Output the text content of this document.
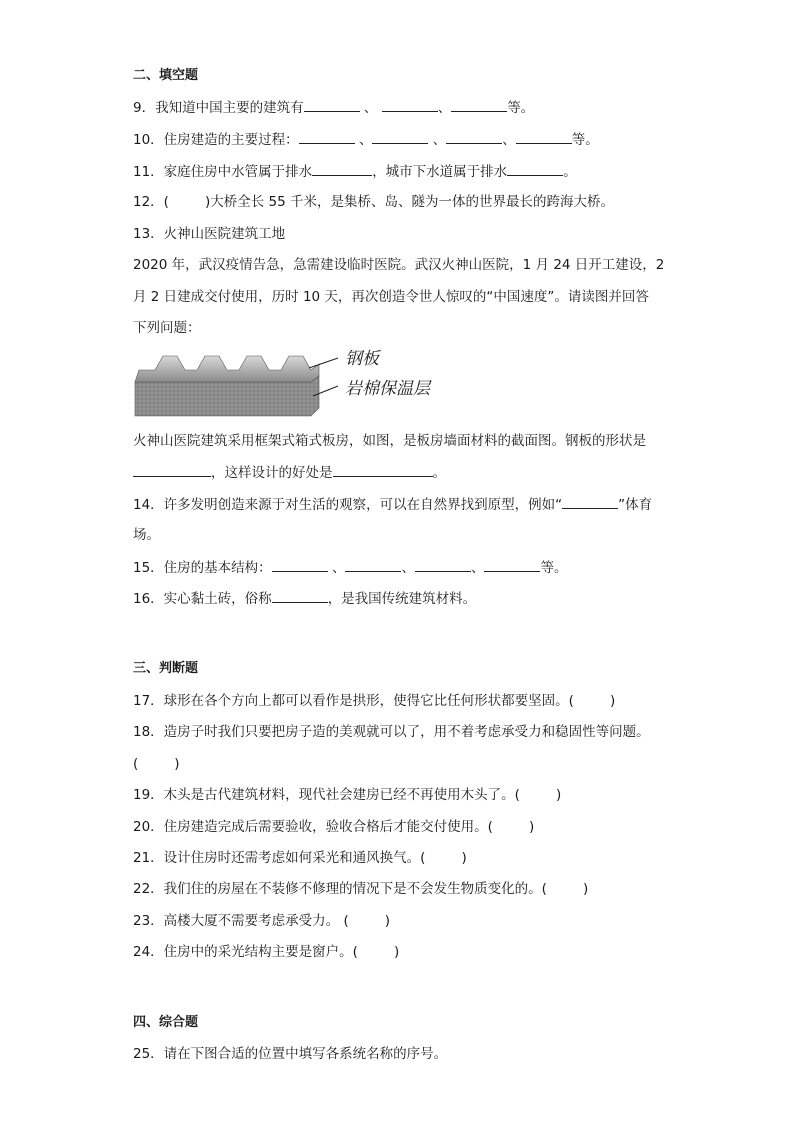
二、填空题
9．我知道中国主要的建筑有	、	、	等。
10．住房建造的主要过程：	、	、	、	等。
11．家庭住房中水管属于排水	，城市下水道属于排水	。
12．(	)大桥全长 55 千米，是集桥、岛、隧为一体的世界最长的跨海大桥。
13．火神山医院建筑工地
2020 年，武汉疫情告急，急需建设临时医院。武汉火神山医院，1 月 24 日开工建设，2
月 2 日建成交付使用，历时 10 天，再次创造令世人惊叹的“中国速度”。请读图并回答
下列问题：
钢板
岩棉保温层
火神山医院建筑采用框架式箱式板房，如图，是板房墙面材料的截面图。钢板的形状是
，这样设计的好处是	。
14．许多发明创造来源于对生活的观察，可以在自然界找到原型，例如“	”体育
场。
15．住房的基本结构：	、	、	、	等。
16．实心黏土砖，俗称	，是我国传统建筑材料。
三、判断题
17．球形在各个方向上都可以看作是拱形，使得它比任何形状都要坚固。(	)
18．造房子时我们只要把房子造的美观就可以了，用不着考虑承受力和稳固性等问题。
(	)
19．木头是古代建筑材料，现代社会建房已经不再使用木头了。(	)
20．住房建造完成后需要验收，验收合格后才能交付使用。(	)
21．设计住房时还需考虑如何采光和通风换气。(	)
22．我们住的房屋在不装修不修理的情况下是不会发生物质变化的。(	)
23．高楼大厦不需要考虑承受力。 (	)
24．住房中的采光结构主要是窗户。(	)
四、综合题
25．请在下图合适的位置中填写各系统名称的序号。
